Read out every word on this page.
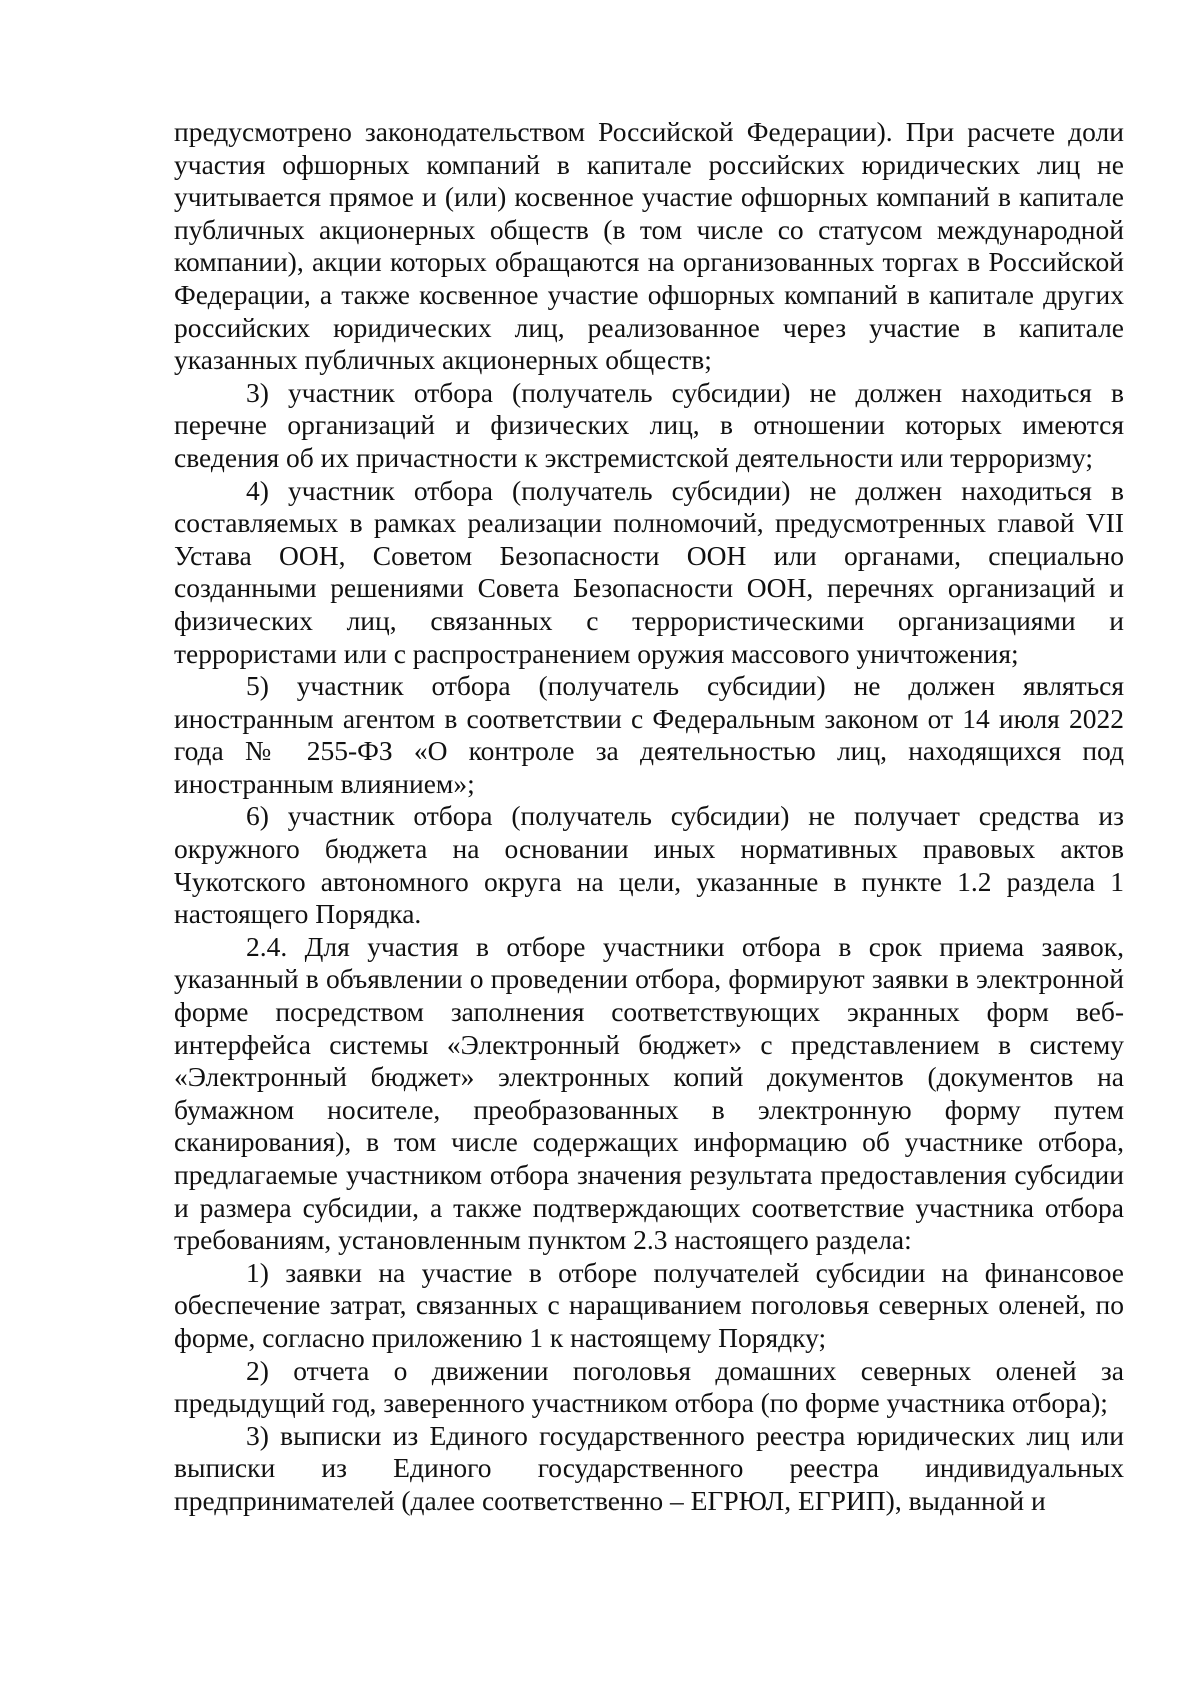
предусмотрено законодательством Российской Федерации). При расчете доли участия офшорных компаний в капитале российских юридических лиц не учитывается прямое и (или) косвенное участие офшорных компаний в капитале публичных акционерных обществ (в том числе со статусом международной компании), акции которых обращаются на организованных торгах в Российской Федерации, а также косвенное участие офшорных компаний в капитале других российских юридических лиц, реализованное через участие в капитале указанных публичных акционерных обществ;

3) участник отбора (получатель субсидии) не должен находиться в перечне организаций и физических лиц, в отношении которых имеются сведения об их причастности к экстремистской деятельности или терроризму;

4) участник отбора (получатель субсидии) не должен находиться в составляемых в рамках реализации полномочий, предусмотренных главой VII Устава ООН, Советом Безопасности ООН или органами, специально созданными решениями Совета Безопасности ООН, перечнях организаций и физических лиц, связанных с террористическими организациями и террористами или с распространением оружия массового уничтожения;

5) участник отбора (получатель субсидии) не должен являться иностранным агентом в соответствии с Федеральным законом от 14 июля 2022 года № 255-ФЗ «О контроле за деятельностью лиц, находящихся под иностранным влиянием»;

6) участник отбора (получатель субсидии) не получает средства из окружного бюджета на основании иных нормативных правовых актов Чукотского автономного округа на цели, указанные в пункте 1.2 раздела 1 настоящего Порядка.

2.4. Для участия в отборе участники отбора в срок приема заявок, указанный в объявлении о проведении отбора, формируют заявки в электронной форме посредством заполнения соответствующих экранных форм веб-интерфейса системы «Электронный бюджет» с представлением в систему «Электронный бюджет» электронных копий документов (документов на бумажном носителе, преобразованных в электронную форму путем сканирования), в том числе содержащих информацию об участнике отбора, предлагаемые участником отбора значения результата предоставления субсидии и размера субсидии, а также подтверждающих соответствие участника отбора требованиям, установленным пунктом 2.3 настоящего раздела:

1) заявки на участие в отборе получателей субсидии на финансовое обеспечение затрат, связанных с наращиванием поголовья северных оленей, по форме, согласно приложению 1 к настоящему Порядку;

2) отчета о движении поголовья домашних северных оленей за предыдущий год, заверенного участником отбора (по форме участника отбора);

3) выписки из Единого государственного реестра юридических лиц или выписки из Единого государственного реестра индивидуальных предпринимателей (далее соответственно – ЕГРЮЛ, ЕГРИП), выданной и
